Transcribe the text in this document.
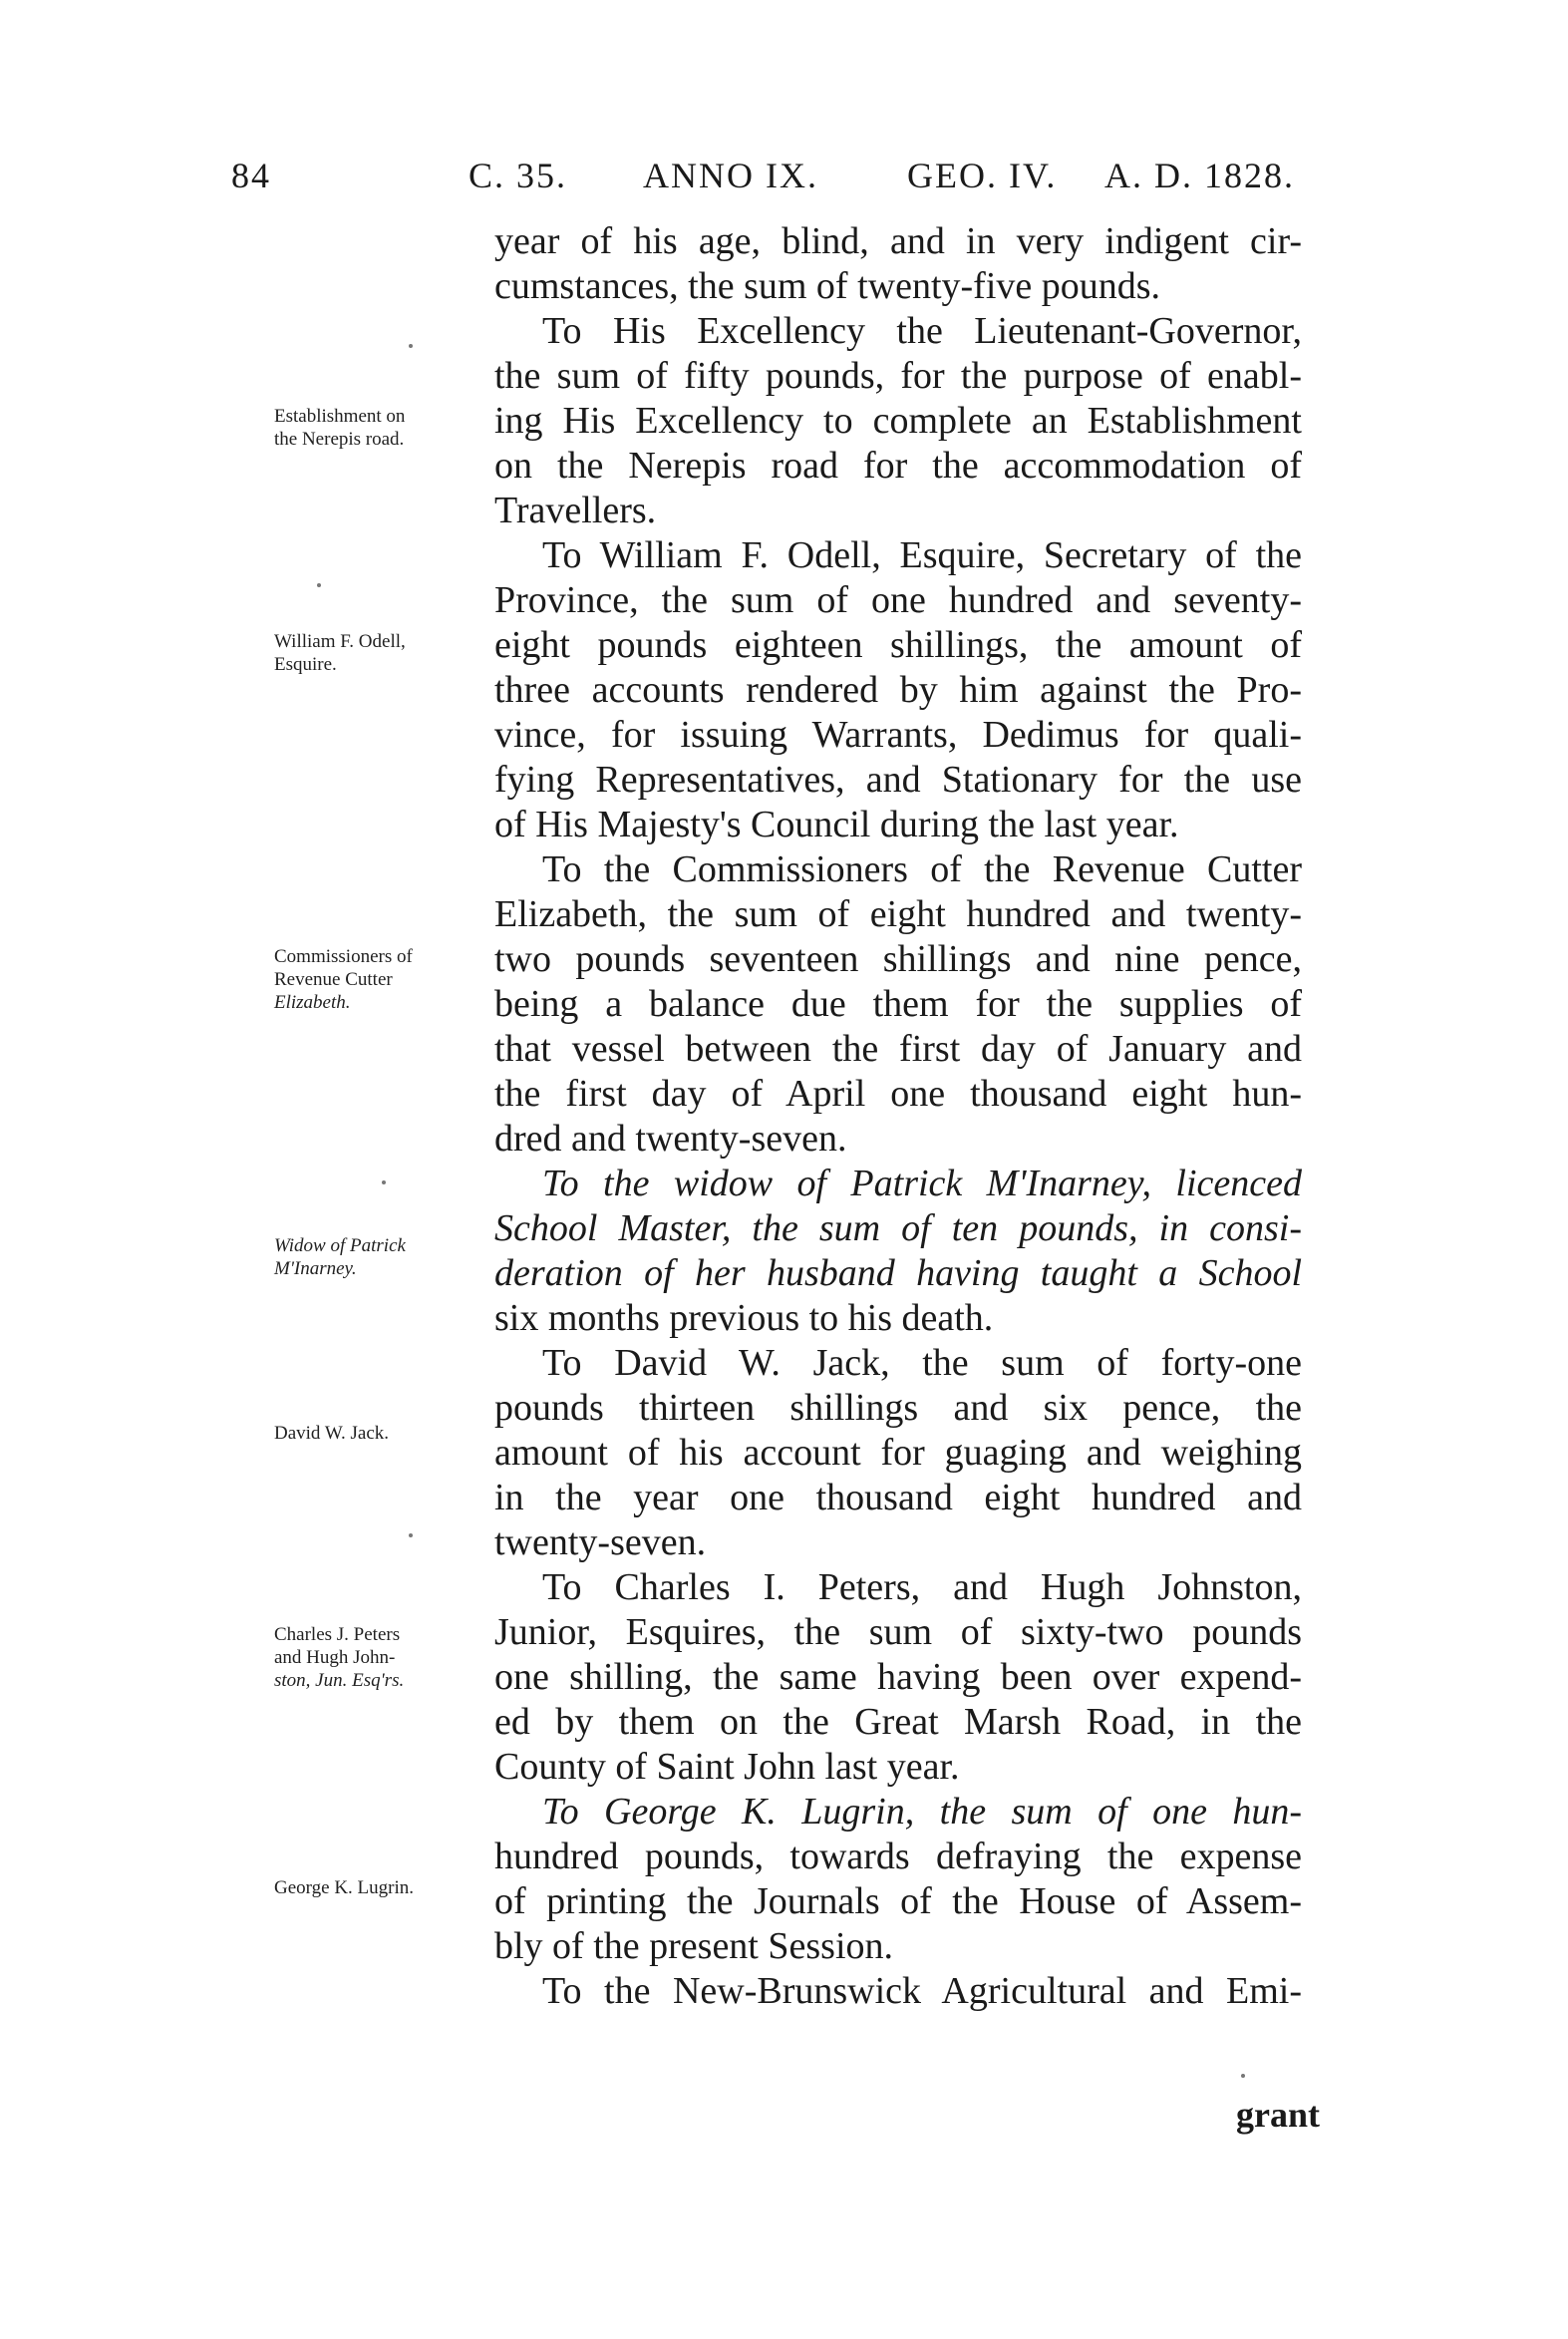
84	C. 35. ANNO IX. GEO. IV. A. D. 1828.
year of his age, blind, and in very indigent cir-
cumstances, the sum of twenty-five pounds.
To His Excellency the Lieutenant-Governor,
the sum of fifty pounds, for the purpose of enabl-
ing His Excellency to complete an Establishment
on the Nerepis road for the accommodation of
Travellers.
To William F. Odell, Esquire, Secretary of the
Province, the sum of one hundred and seventy-
eight pounds eighteen shillings, the amount of
three accounts rendered by him against the Pro-
vince, for issuing Warrants, Dedimus for quali-
fying Representatives, and Stationary for the use
of His Majesty's Council during the last year.
To the Commissioners of the Revenue Cutter
Elizabeth, the sum of eight hundred and twenty-
two pounds seventeen shillings and nine pence,
being a balance due them for the supplies of
that vessel between the first day of January and
the first day of April one thousand eight hun-
dred and twenty-seven.
To the widow of Patrick M'Inarney, licenced
School Master, the sum of ten pounds, in consi-
deration of her husband having taught a School
six months previous to his death.
To David W. Jack, the sum of forty-one
pounds thirteen shillings and six pence, the
amount of his account for guaging and weighing
in the year one thousand eight hundred and
twenty-seven.
To Charles I. Peters, and Hugh Johnston,
Junior, Esquires, the sum of sixty-two pounds
one shilling, the same having been over expend-
ed by them on the Great Marsh Road, in the
County of Saint John last year.
To George K. Lugrin, the sum of one hun-
hundred pounds, towards defraying the expense
of printing the Journals of the House of Assem-
bly of the present Session.
To the New-Brunswick Agricultural and Emi-
Establishment on
the Nerepis road.
William F. Odell,
Esquire.
Commissioners of
Revenue Cutter
Elizabeth.
Widow of Patrick
M'Inarney.
David W. Jack.
Charles J. Peters
and Hugh John-
ston, Jun. Esq'rs.
George K. Lugrin.
grant
